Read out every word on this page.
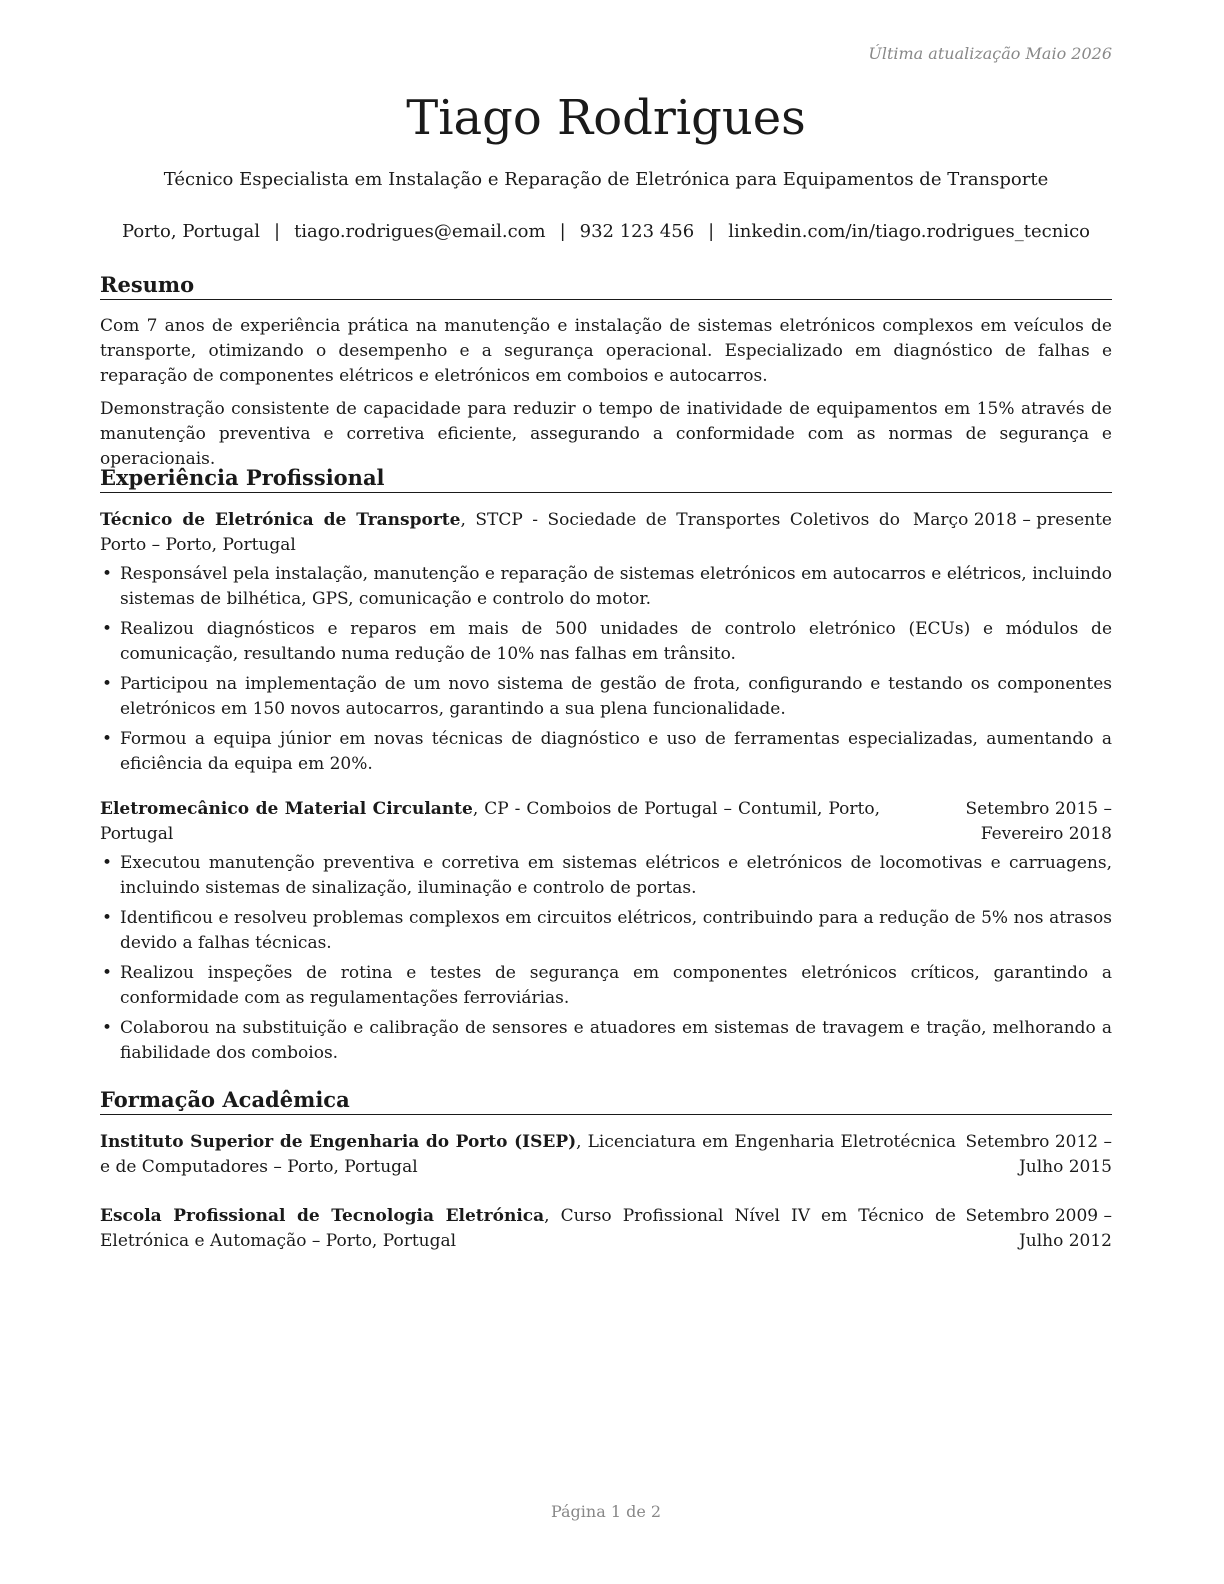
Última atualização Maio 2026
Tiago Rodrigues
Técnico Especialista em Instalação e Reparação de Eletrónica para Equipamentos de Transporte
Porto, Portugal | tiago.rodrigues@email.com | 932 123 456 | linkedin.com/in/tiago.rodrigues_tecnico
Resumo

Com 7 anos de experiência prática na manutenção e instalação de sistemas eletrónicos complexos em veículos de transporte, otimizando o desempenho e a segurança operacional. Especializado em diagnóstico de falhas e reparação de componentes elétricos e eletrónicos em comboios e autocarros.

Demonstração consistente de capacidade para reduzir o tempo de inatividade de equipamentos em 15% através de manutenção preventiva e corretiva eficiente, assegurando a conformidade com as normas de segurança e operacionais.

Experiência Profissional
Técnico de Eletrónica de Transporte, STCP - Sociedade de Transportes Coletivos do Porto – Porto, Portugal
Março 2018 – presente
• Responsável pela instalação, manutenção e reparação de sistemas eletrónicos em autocarros e elétricos, incluindo sistemas de bilhética, GPS, comunicação e controlo do motor.
• Realizou diagnósticos e reparos em mais de 500 unidades de controlo eletrónico (ECUs) e módulos de comunicação, resultando numa redução de 10% nas falhas em trânsito.
• Participou na implementação de um novo sistema de gestão de frota, configurando e testando os componentes eletrónicos em 150 novos autocarros, garantindo a sua plena funcionalidade.
• Formou a equipa júnior em novas técnicas de diagnóstico e uso de ferramentas especializadas, aumentando a eficiência da equipa em 20%.
Eletromecânico de Material Circulante, CP - Comboios de Portugal – Contumil, Porto, Portugal
Setembro 2015 – Fevereiro 2018
• Executou manutenção preventiva e corretiva em sistemas elétricos e eletrónicos de locomotivas e carruagens, incluindo sistemas de sinalização, iluminação e controlo de portas.
• Identificou e resolveu problemas complexos em circuitos elétricos, contribuindo para a redução de 5% nos atrasos devido a falhas técnicas.
• Realizou inspeções de rotina e testes de segurança em componentes eletrónicos críticos, garantindo a conformidade com as regulamentações ferroviárias.
• Colaborou na substituição e calibração de sensores e atuadores em sistemas de travagem e tração, melhorando a fiabilidade dos comboios.
Formação Acadêmica
Instituto Superior de Engenharia do Porto (ISEP), Licenciatura em Engenharia Eletrotécnica e de Computadores – Porto, Portugal
Setembro 2012 – Julho 2015
Escola Profissional de Tecnologia Eletrónica, Curso Profissional Nível IV em Técnico de Eletrónica e Automação – Porto, Portugal
Setembro 2009 – Julho 2012
Página 1 de 2
